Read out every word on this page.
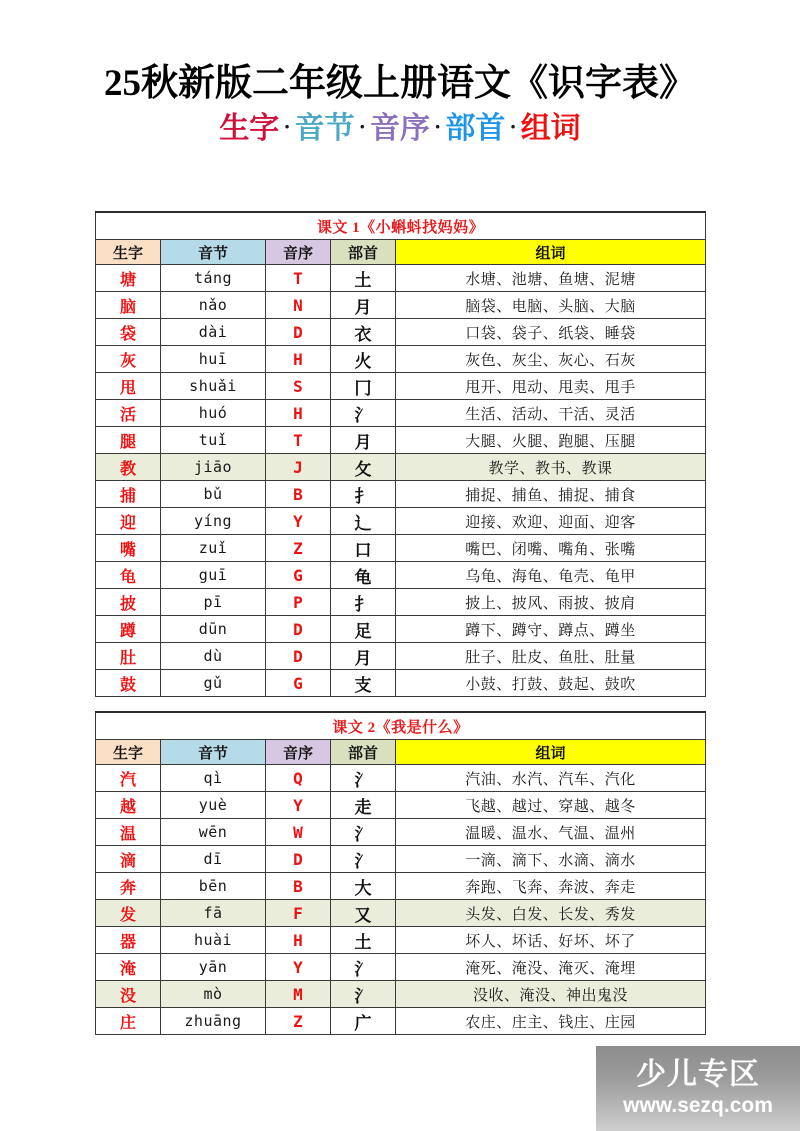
25秋新版二年级上册语文《识字表》
生字 · 音节 · 音序 · 部首 · 组词
课文 1《小蝌蚪找妈妈》				
生字	音节	音序	部首	组词
塘	táng	T	土	水塘、池塘、鱼塘、泥塘
脑	nǎo	N	月	脑袋、电脑、头脑、大脑
袋	dài	D	衣	口袋、袋子、纸袋、睡袋
灰	huī	H	火	灰色、灰尘、灰心、石灰
甩	shuǎi	S	冂	甩开、甩动、甩卖、甩手
活	huó	H	氵	生活、活动、干活、灵活
腿	tuǐ	T	月	大腿、火腿、跑腿、压腿
教	jiāo	J	攵	教学、教书、教课
捕	bǔ	B	扌	捕捉、捕鱼、捕捉、捕食
迎	yíng	Y	辶	迎接、欢迎、迎面、迎客
嘴	zuǐ	Z	口	嘴巴、闭嘴、嘴角、张嘴
龟	guī	G	龟	乌龟、海龟、龟壳、龟甲
披	pī	P	扌	披上、披风、雨披、披肩
蹲	dūn	D	足	蹲下、蹲守、蹲点、蹲坐
肚	dù	D	月	肚子、肚皮、鱼肚、肚量
鼓	gǔ	G	支	小鼓、打鼓、鼓起、鼓吹
课文 2《我是什么》				
生字	音节	音序	部首	组词
汽	qì	Q	氵	汽油、水汽、汽车、汽化
越	yuè	Y	走	飞越、越过、穿越、越冬
温	wēn	W	氵	温暖、温水、气温、温州
滴	dī	D	氵	一滴、滴下、水滴、滴水
奔	bēn	B	大	奔跑、飞奔、奔波、奔走
发	fā	F	又	头发、白发、长发、秀发
器	huài	H	土	坏人、坏话、好坏、坏了
淹	yān	Y	氵	淹死、淹没、淹灭、淹埋
没	mò	M	氵	没收、淹没、神出鬼没
庄	zhuāng	Z	广	农庄、庄主、钱庄、庄园
少儿专区
www.sezq.com
